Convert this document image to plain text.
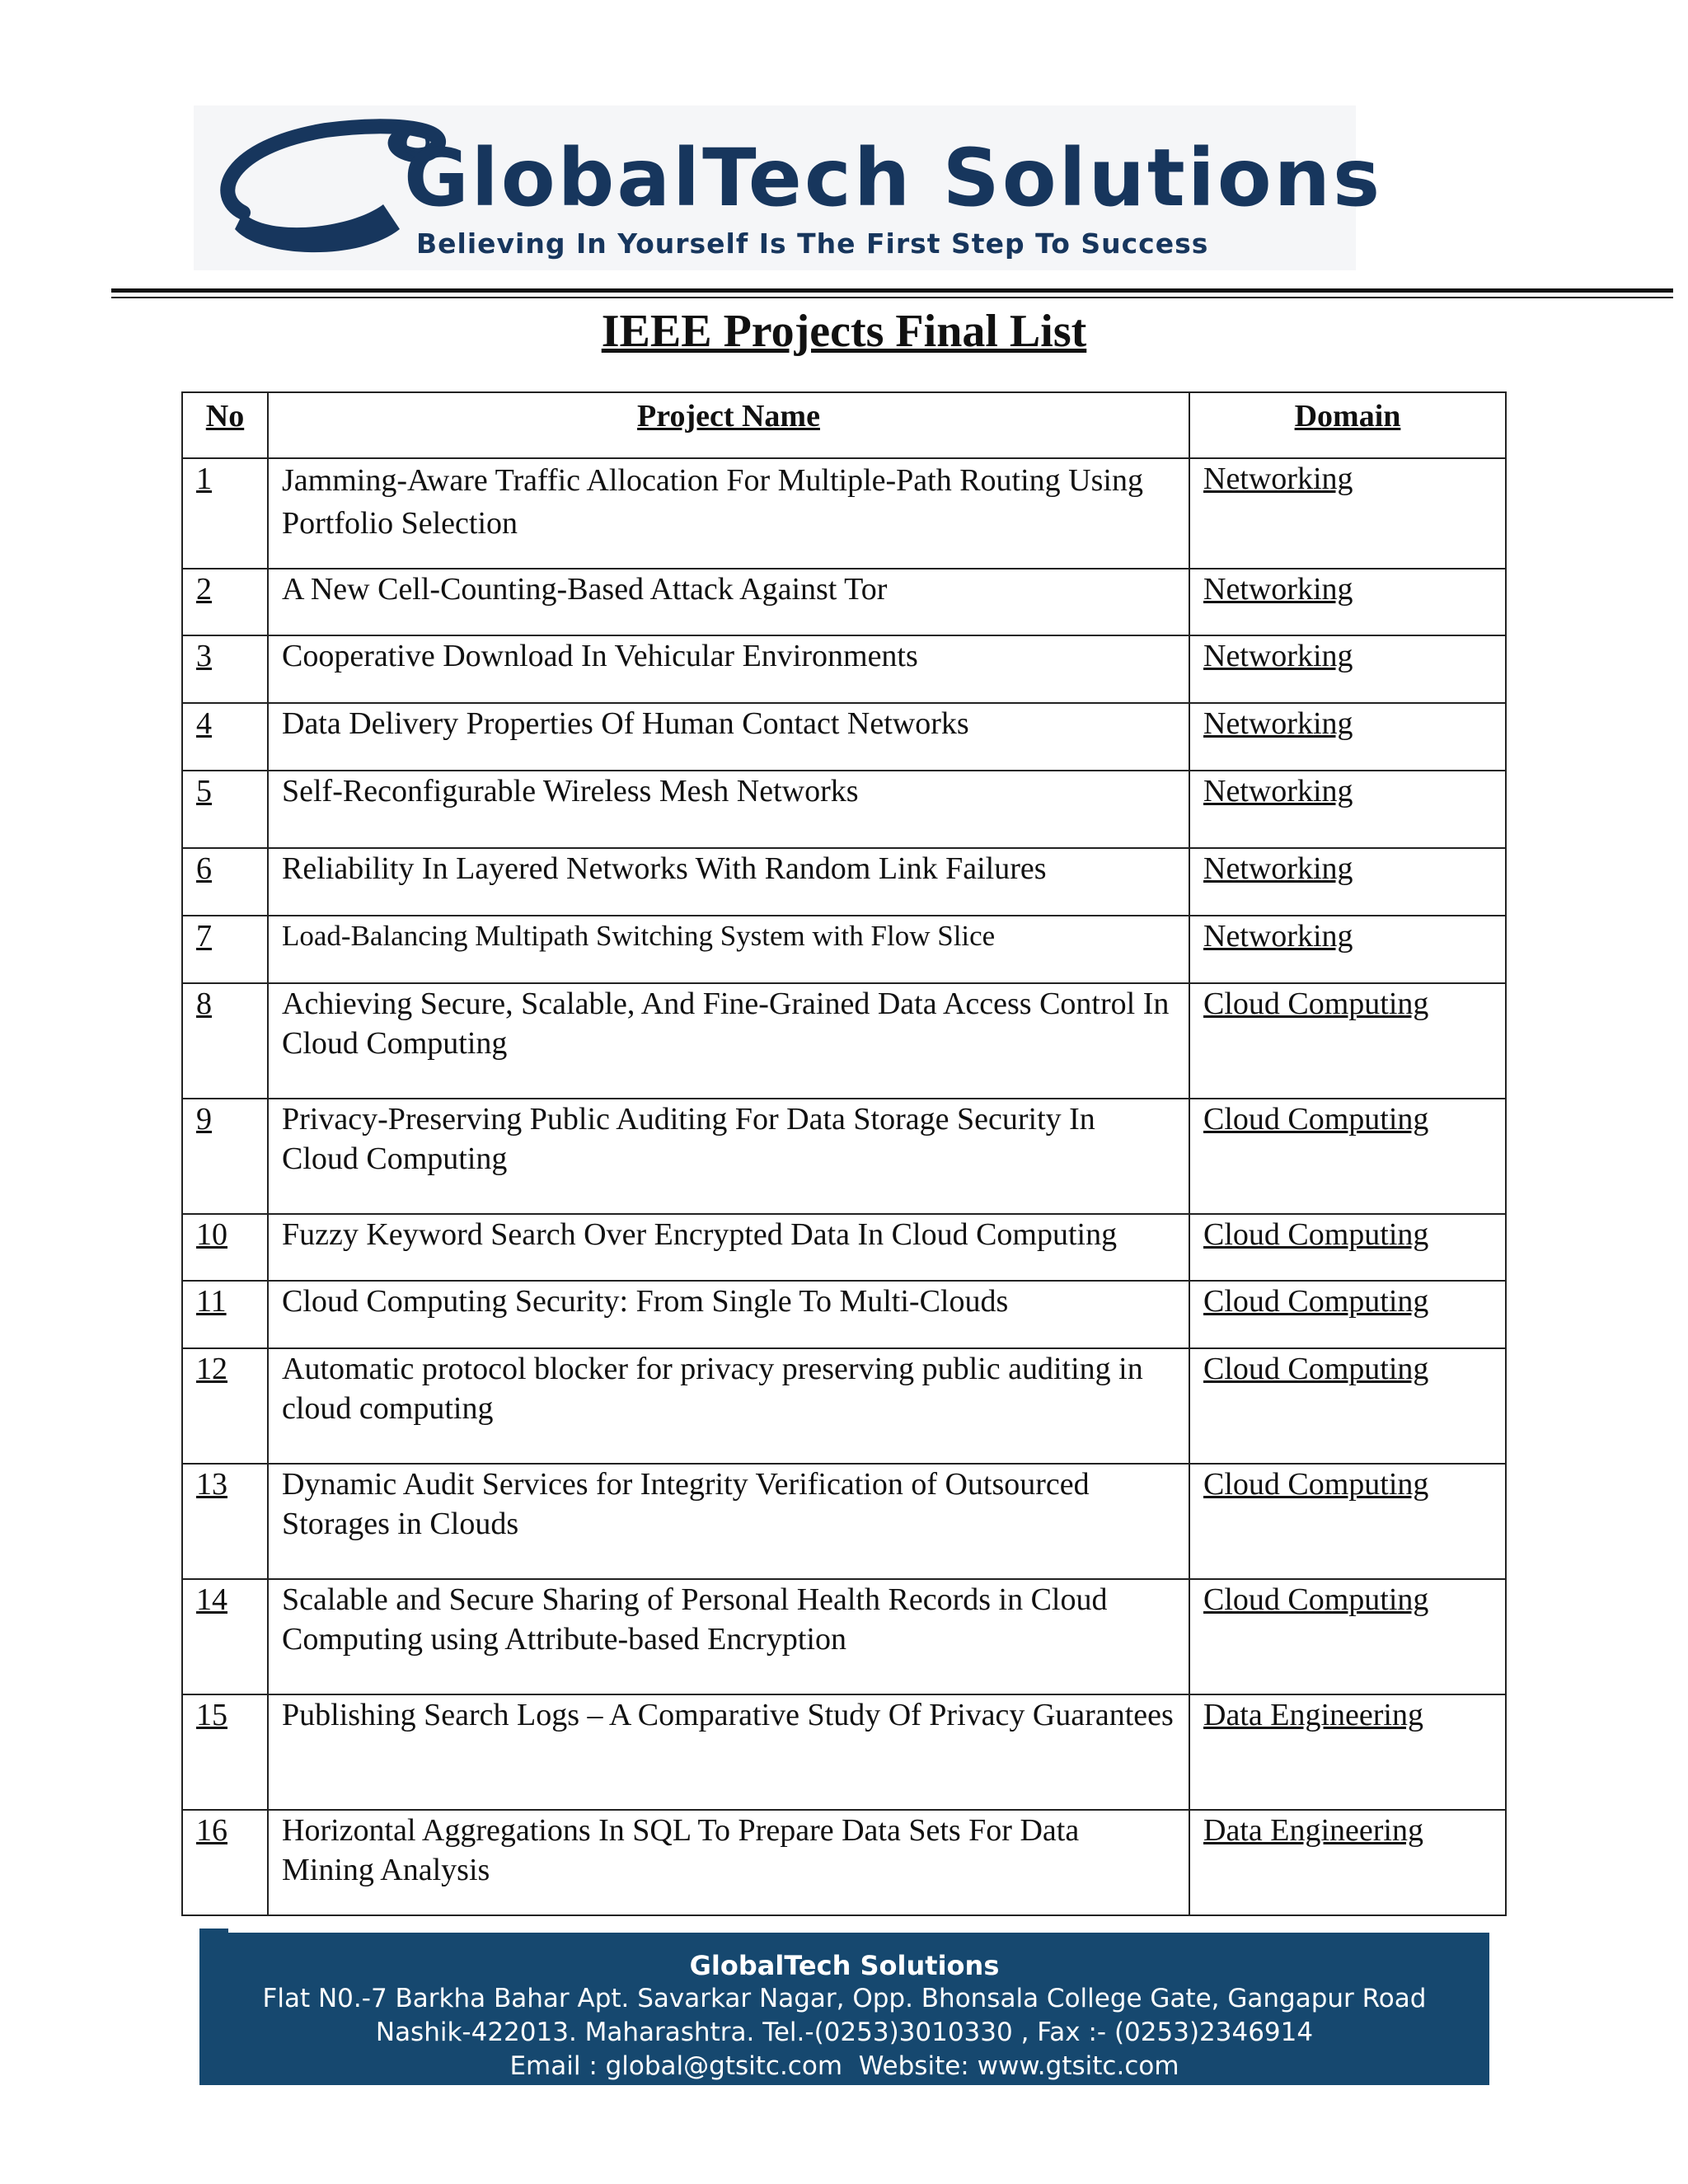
GlobalTech Solutions
Believing In Yourself Is The First Step To Success
IEEE Projects Final List
No	Project Name	Domain
1	Jamming-Aware Traffic Allocation For Multiple-Path Routing Using Portfolio Selection	Networking
2	A New Cell-Counting-Based Attack Against Tor	Networking
3	Cooperative Download In Vehicular Environments	Networking
4	Data Delivery Properties Of Human Contact Networks	Networking
5	Self-Reconfigurable Wireless Mesh Networks	Networking
6	Reliability In Layered Networks With Random Link Failures	Networking
7	Load-Balancing Multipath Switching System with Flow Slice	Networking
8	Achieving Secure, Scalable, And Fine-Grained Data Access Control In Cloud Computing	Cloud Computing
9	Privacy-Preserving Public Auditing For Data Storage Security In Cloud Computing	Cloud Computing
10	Fuzzy Keyword Search Over Encrypted Data In Cloud Computing	Cloud Computing
11	Cloud Computing Security: From Single To Multi-Clouds	Cloud Computing
12	Automatic protocol blocker for privacy preserving public auditing in cloud computing	Cloud Computing
13	Dynamic Audit Services for Integrity Verification of Outsourced Storages in Clouds	Cloud Computing
14	Scalable and Secure Sharing of Personal Health Records in Cloud Computing using Attribute-based Encryption	Cloud Computing
15	Publishing Search Logs – A Comparative Study Of Privacy Guarantees	Data Engineering
16	Horizontal Aggregations In SQL To Prepare Data Sets For Data Mining Analysis	Data Engineering
GlobalTech Solutions
Flat N0.-7 Barkha Bahar Apt. Savarkar Nagar, Opp. Bhonsala College Gate, Gangapur Road
Nashik-422013. Maharashtra. Tel.-(0253)3010330 , Fax :- (0253)2346914
Email : global@gtsitc.com  Website: www.gtsitc.com
